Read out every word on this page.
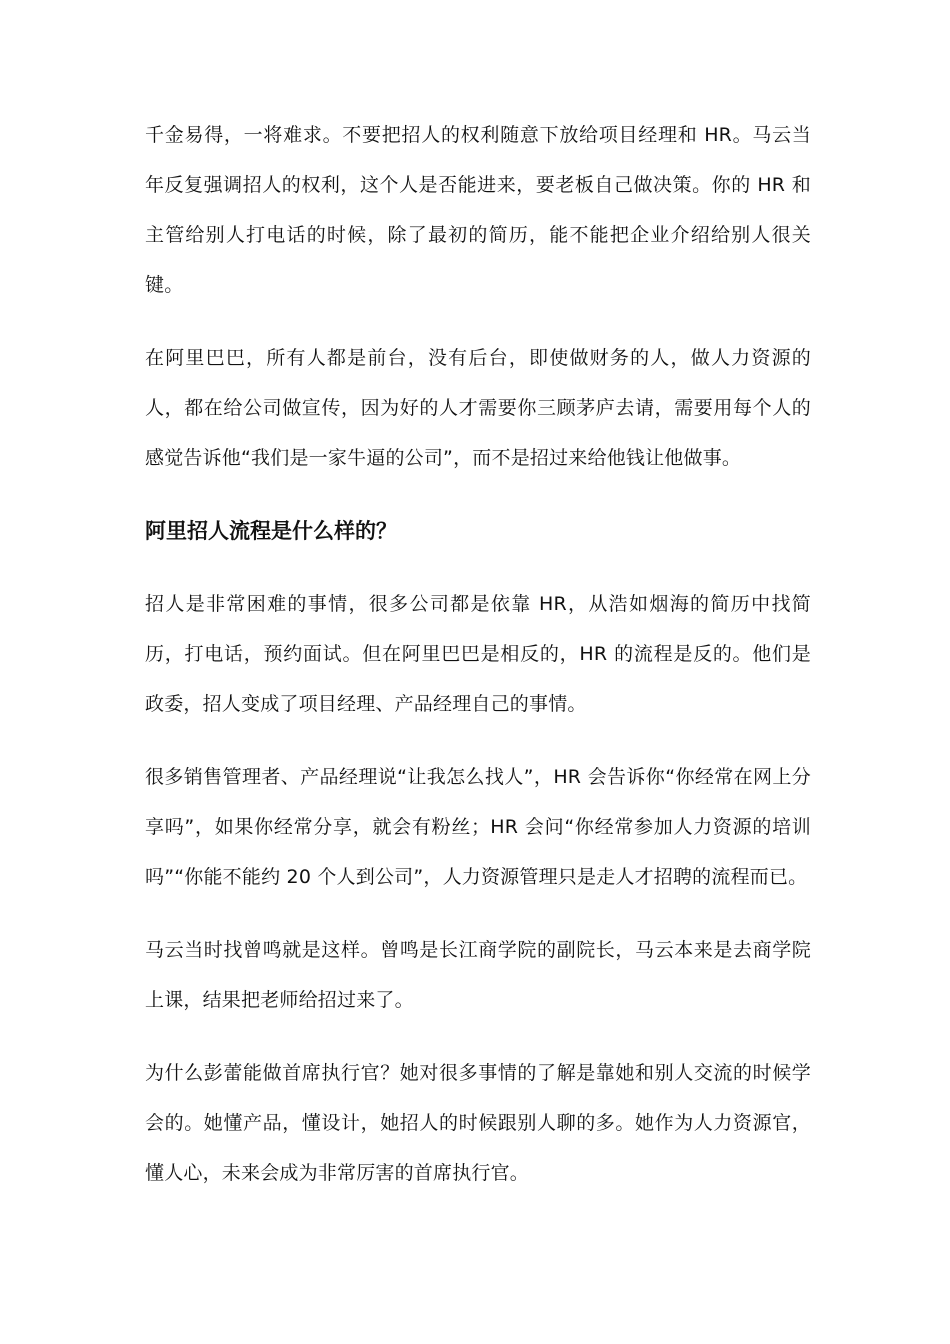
千金易得，一将难求。不要把招人的权利随意下放给项目经理和 HR。马云当年反复强调招人的权利，这个人是否能进来，要老板自己做决策。你的 HR 和主管给别人打电话的时候，除了最初的简历，能不能把企业介绍给别人很关键。

在阿里巴巴，所有人都是前台，没有后台，即使做财务的人，做人力资源的人，都在给公司做宣传，因为好的人才需要你三顾茅庐去请，需要用每个人的感觉告诉他“我们是一家牛逼的公司”，而不是招过来给他钱让他做事。

阿里招人流程是什么样的？

招人是非常困难的事情，很多公司都是依靠 HR，从浩如烟海的简历中找简历，打电话，预约面试。但在阿里巴巴是相反的，HR 的流程是反的。他们是政委，招人变成了项目经理、产品经理自己的事情。

很多销售管理者、产品经理说“让我怎么找人”，HR 会告诉你“你经常在网上分享吗”，如果你经常分享，就会有粉丝；HR 会问“你经常参加人力资源的培训吗”“你能不能约 20 个人到公司”，人力资源管理只是走人才招聘的流程而已。

马云当时找曾鸣就是这样。曾鸣是长江商学院的副院长，马云本来是去商学院上课，结果把老师给招过来了。

为什么彭蕾能做首席执行官？她对很多事情的了解是靠她和别人交流的时候学会的。她懂产品，懂设计，她招人的时候跟别人聊的多。她作为人力资源官，懂人心，未来会成为非常厉害的首席执行官。
